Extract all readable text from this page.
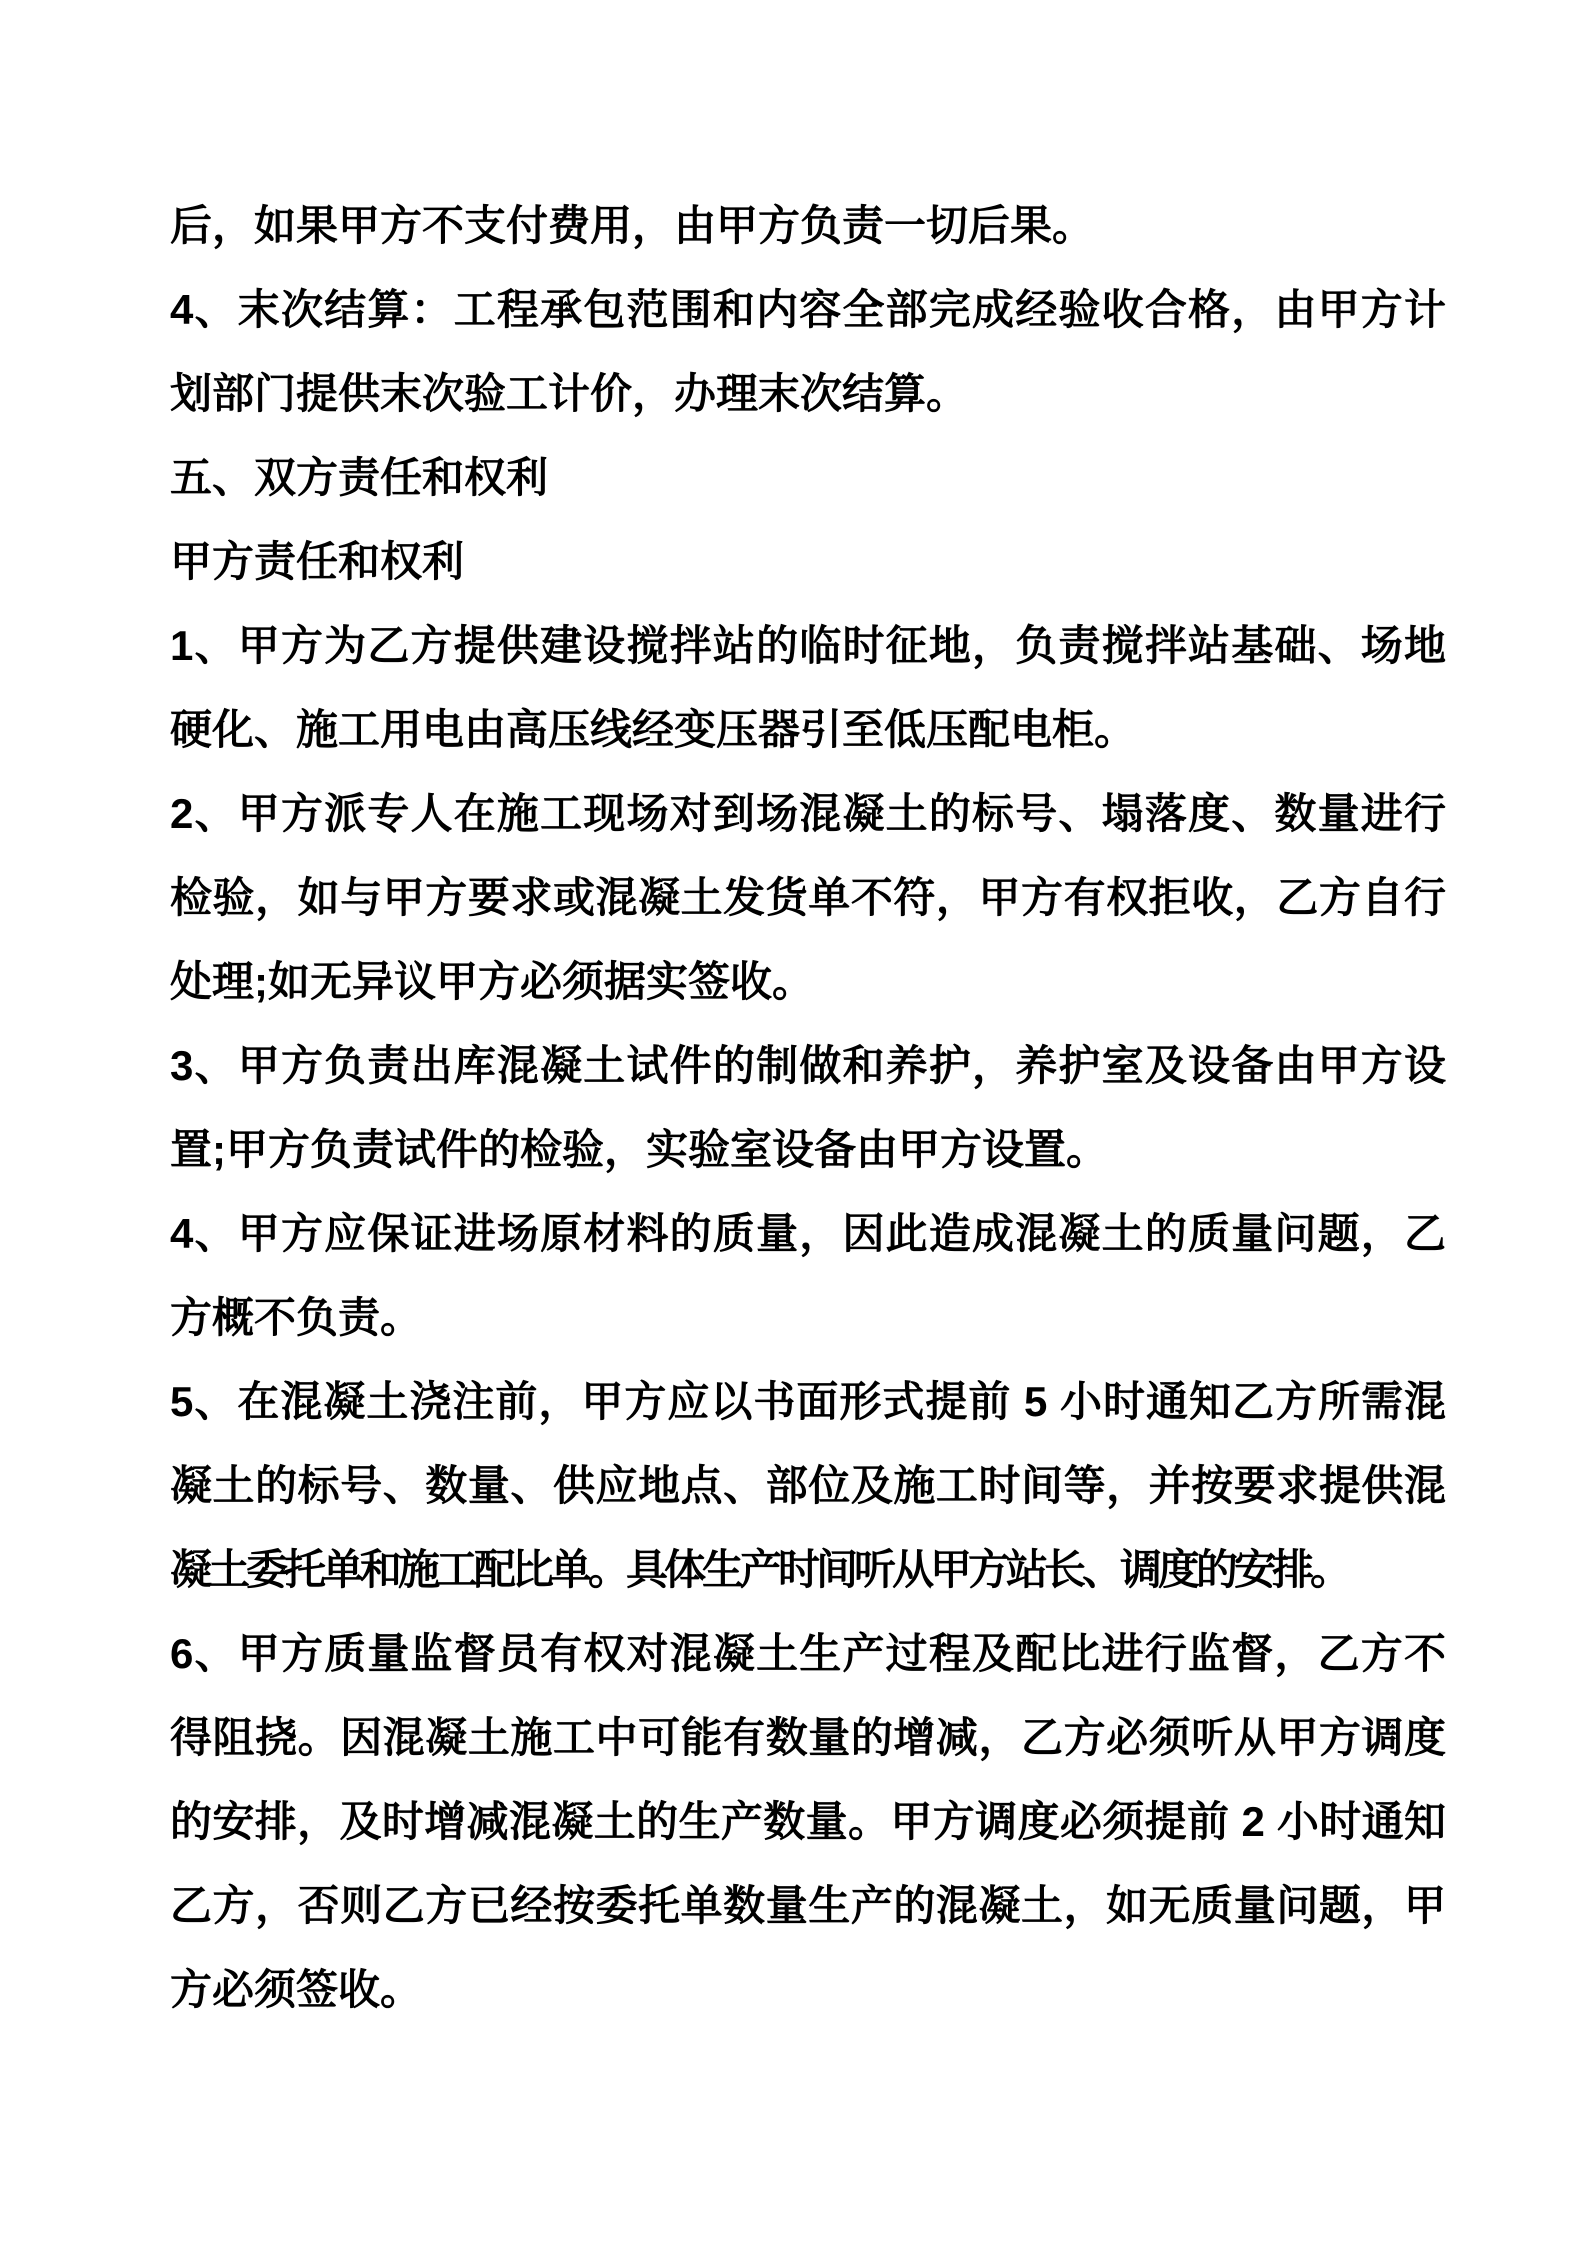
后，如果甲方不支付费用，由甲方负责一切后果。
4、末次结算：工程承包范围和内容全部完成经验收合格，由甲方计
划部门提供末次验工计价，办理末次结算。
五、双方责任和权利
甲方责任和权利
1、甲方为乙方提供建设搅拌站的临时征地，负责搅拌站基础、场地
硬化、施工用电由高压线经变压器引至低压配电柜。
2、甲方派专人在施工现场对到场混凝土的标号、塌落度、数量进行
检验，如与甲方要求或混凝土发货单不符，甲方有权拒收，乙方自行
处理;如无异议甲方必须据实签收。
3、甲方负责出库混凝土试件的制做和养护，养护室及设备由甲方设
置;甲方负责试件的检验，实验室设备由甲方设置。
4、甲方应保证进场原材料的质量，因此造成混凝土的质量问题，乙
方概不负责。
5、在混凝土浇注前，甲方应以书面形式提前 5 小时通知乙方所需混
凝土的标号、数量、供应地点、部位及施工时间等，并按要求提供混
凝土委托单和施工配比单。具体生产时间听从甲方站长、调度的安排。
6、甲方质量监督员有权对混凝土生产过程及配比进行监督，乙方不
得阻挠。因混凝土施工中可能有数量的增减，乙方必须听从甲方调度
的安排，及时增减混凝土的生产数量。甲方调度必须提前 2 小时通知
乙方，否则乙方已经按委托单数量生产的混凝土，如无质量问题，甲
方必须签收。
